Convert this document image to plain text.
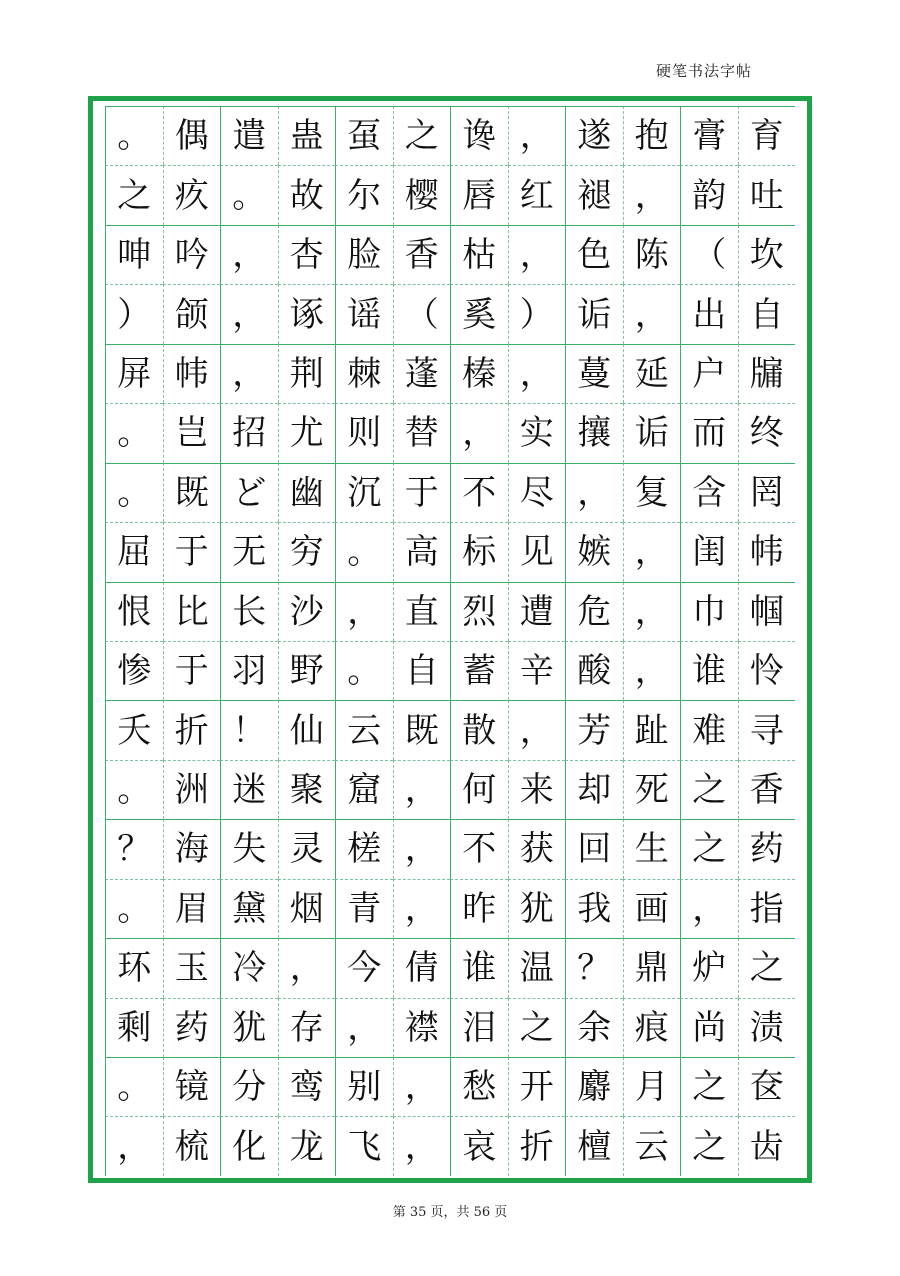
硬笔书法字帖
。 偶 遣 蛊 虿 之 谗 ， 遂 抱 膏 育
之 疚 。 故 尔 樱 唇 红 褪 ， 韵 吐
呻 吟 ， 杏 脸 香 枯 ， 色 陈 （ 坎
） 颌 ， 诼 谣 （ 奚 ） 诟 ， 出 自
屏 帏 ， 荆 棘 蓬 榛 ， 蔓 延 户 牖
。 岂 招 尤 则 替 ， 实 攘 诟 而 终
。 既 ど 幽 沉 于 不 尽 ， 复 含 罔
屈 于 无 穷 。 高 标 见 嫉 ， 闺 帏
恨 比 长 沙 ， 直 烈 遭 危 ， 巾 帼
惨 于 羽 野 。 自 蓄 辛 酸 ， 谁 怜
夭 折 ！ 仙 云 既 散 ， 芳 趾 难 寻
。 洲 迷 聚 窟 ， 何 来 却 死 之 香
？ 海 失 灵 槎 ， 不 获 回 生 之 药
。 眉 黛 烟 青 ， 昨 犹 我 画 ， 指
环 玉 冷 ， 今 倩 谁 温 ？ 鼎 炉 之
剩 药 犹 存 ， 襟 泪 之 余 痕 尚 渍
。 镜 分 鸾 别 ， 愁 开 麝 月 之 奁
， 梳 化 龙 飞 ， 哀 折 檀 云 之 齿
第 35 页，共 56 页
